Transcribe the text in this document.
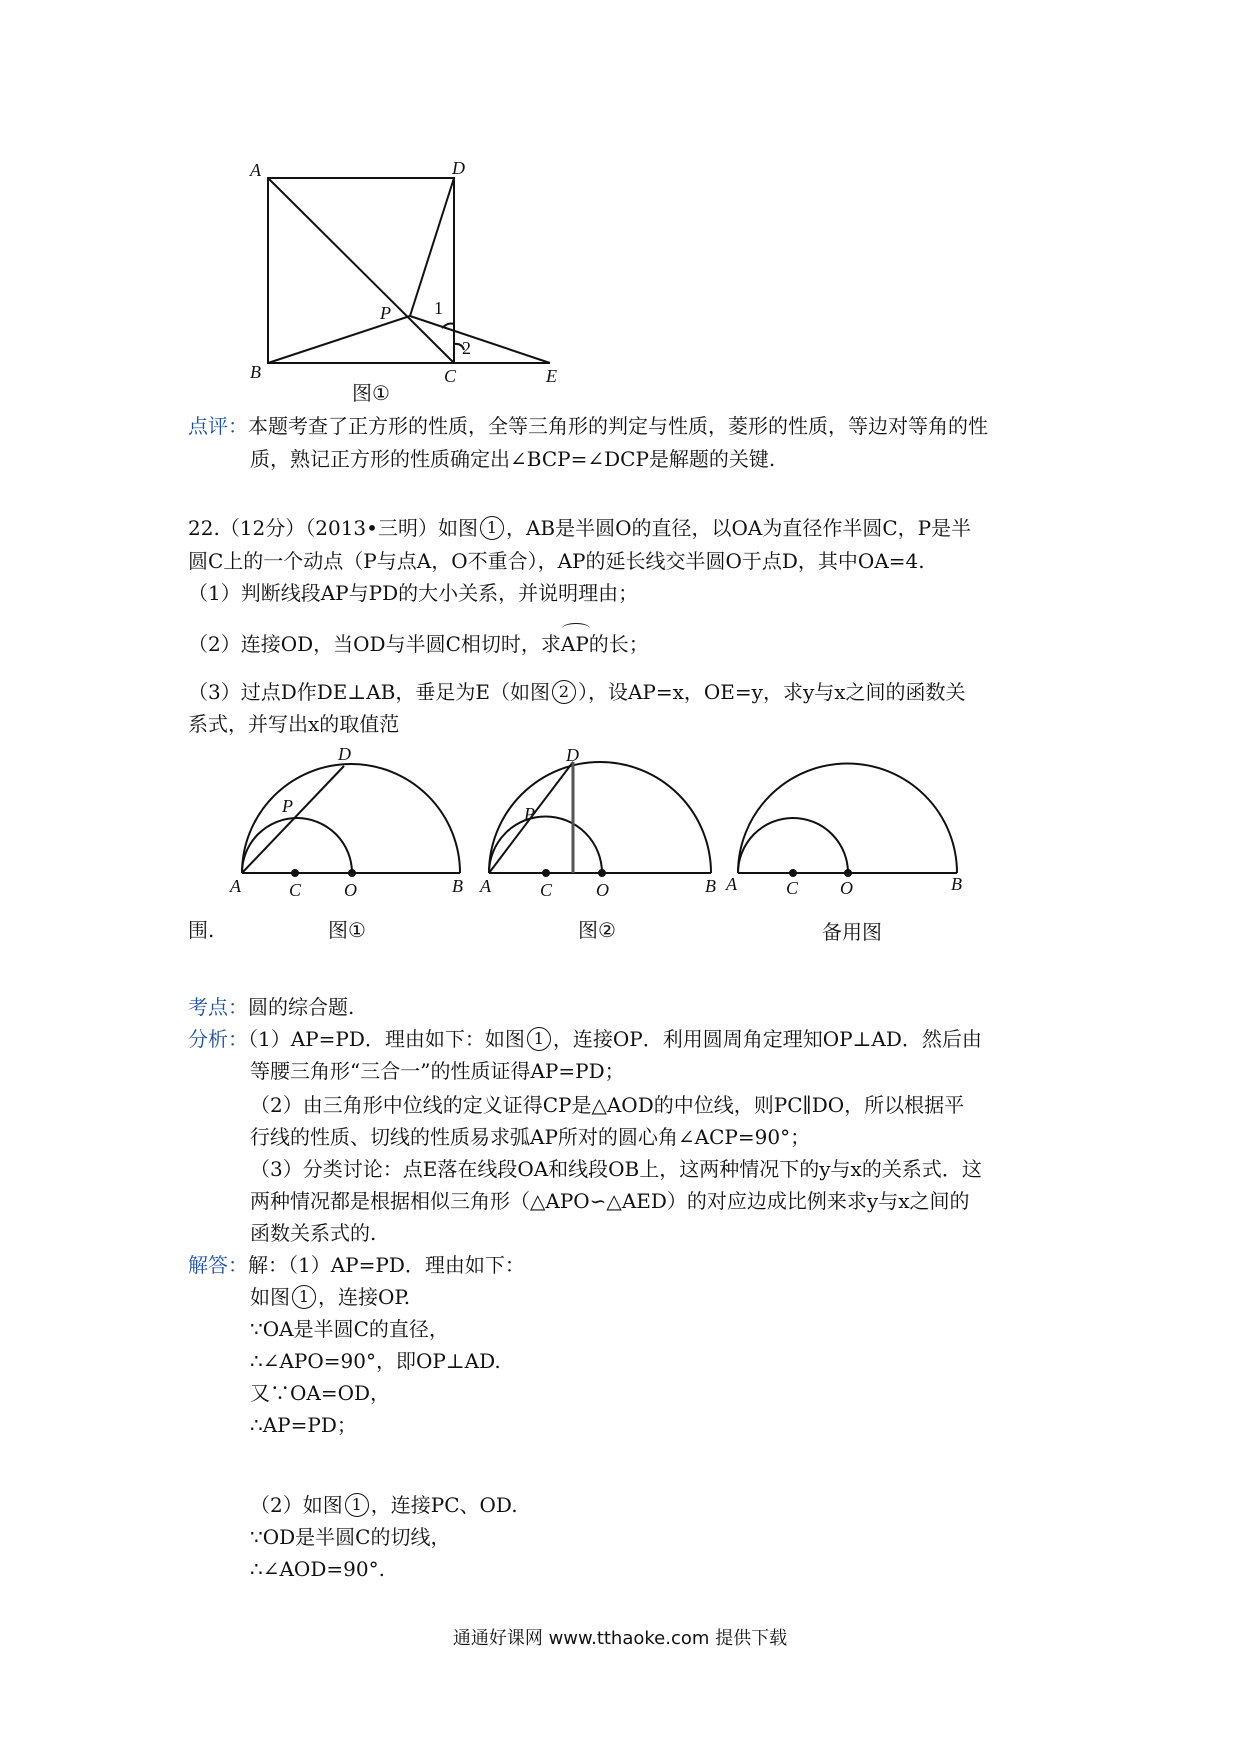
A	D
B	C	E
P 1
2
图①
点评：本题考查了正方形的性质，全等三角形的判定与性质，菱形的性质，等边对等角的性
质，熟记正方形的性质确定出∠BCP=∠DCP是解题的关键.
22.（12分）（2013•三明）如图 1 ，AB是半圆O的直径，以OA为直径作半圆C，P是半
圆C上的一个动点（P与点A，O不重合），AP的延长线交半圆O于点D，其中OA=4.
（1）判断线段AP与PD的大小关系，并说明理由；
（2）连接OD，当OD与半圆C相切时，求
AP的长；
（3）过点D作DE⊥AB，垂足为E（如图 2 ），设AP=x，OE=y，求y与x之间的函数关
系式，并写出x的取值范
A	C O	B
P
D
图①
A	C O	B
P
D
图②
A	C O	B
备用图
围.
考点：圆的综合题.
分析：（1）AP=PD．理由如下：如图 1 ，连接OP．利用圆周角定理知OP⊥AD．然后由
等腰三角形“三合一”的性质证得AP=PD；
（2）由三角形中位线的定义证得CP是△AOD的中位线，则PC∥DO，所以根据平
行线的性质、切线的性质易求弧AP所对的圆心角∠ACP=90°；
（3）分类讨论：点E落在线段OA和线段OB上，这两种情况下的y与x的关系式．这
两种情况都是根据相似三角形（△APO∽△AED）的对应边成比例来求y与x之间的
函数关系式的.
解答：解：（1）AP=PD．理由如下：
如图 1 ，连接OP.
∵OA是半圆C的直径，
∴∠APO=90°，即OP⊥AD.
又∵OA=OD，
∴AP=PD；
（2）如图 1 ，连接PC、OD.
∵OD是半圆C的切线，
∴∠AOD=90°.
通通好课网 www.tthaoke.com 提供下载
